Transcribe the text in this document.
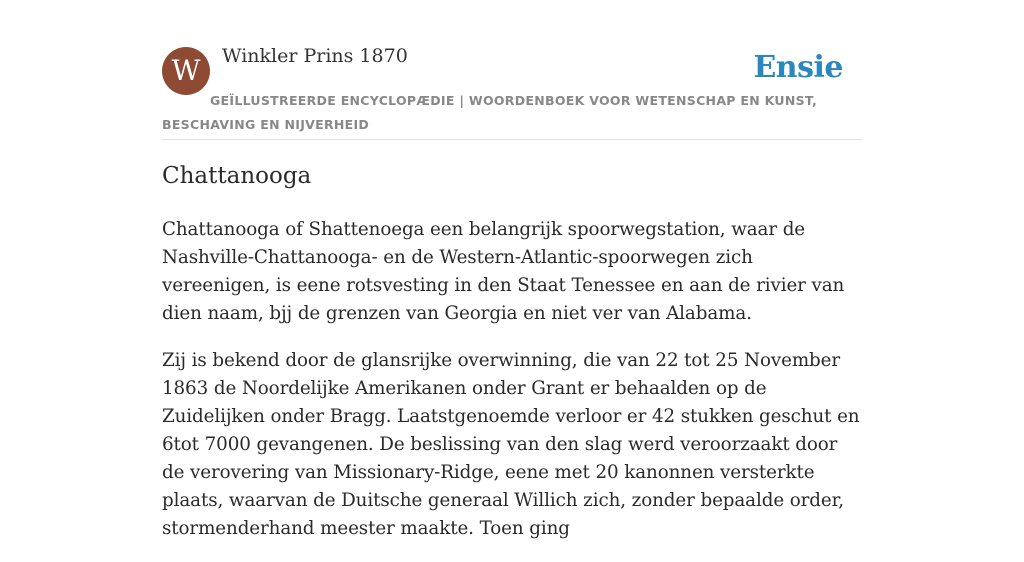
W	Winkler Prins 1870	Ensie
GEÏLLUSTREERDE ENCYCLOPÆDIE | WOORDENBOEK VOOR WETENSCHAP EN KUNST, BESCHAVING EN NIJVERHEID
Chattanooga

Chattanooga of Shattenoega een belangrijk spoorwegstation, waar de Nashville-Chattanooga- en de Western-Atlantic-spoorwegen zich vereenigen, is eene rotsvesting in den Staat Tenessee en aan de rivier van dien naam, bjj de grenzen van Georgia en niet ver van Alabama.

Zij is bekend door de glansrijke overwinning, die van 22 tot 25 November 1863 de Noordelijke Amerikanen onder Grant er behaalden op de Zuidelijken onder Bragg. Laatstgenoemde verloor er 42 stukken geschut en 6tot 7000 gevangenen. De beslissing van den slag werd veroorzaakt door de verovering van Missionary-Ridge, eene met 20 kanonnen versterkte plaats, waarvan de Duitsche generaal Willich zich, zonder bepaalde order, stormenderhand meester maakte. Toen ging
